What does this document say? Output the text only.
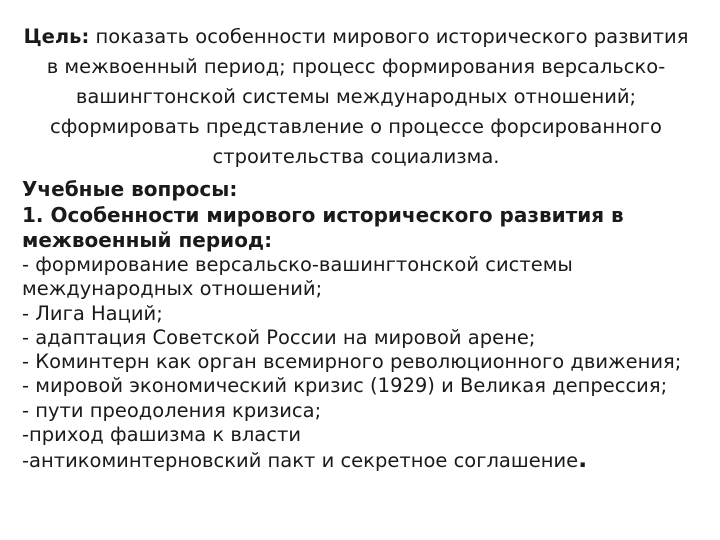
Цель: показать особенности мирового исторического развития в межвоенный период; процесс формирования версальско-вашингтонской системы международных отношений; сформировать представление о процессе форсированного строительства социализма.

Учебные вопросы:

1. Особенности мирового исторического развития в межвоенный период:

- формирование версальско-вашингтонской системы международных отношений;
- Лига Наций;
- адаптация Советской России на мировой арене;
- Коминтерн как орган всемирного революционного движения;
- мировой экономический кризис (1929) и Великая депрессия;
- пути преодоления кризиса;
-приход фашизма к власти
-антикоминтерновский пакт и секретное соглашение.
